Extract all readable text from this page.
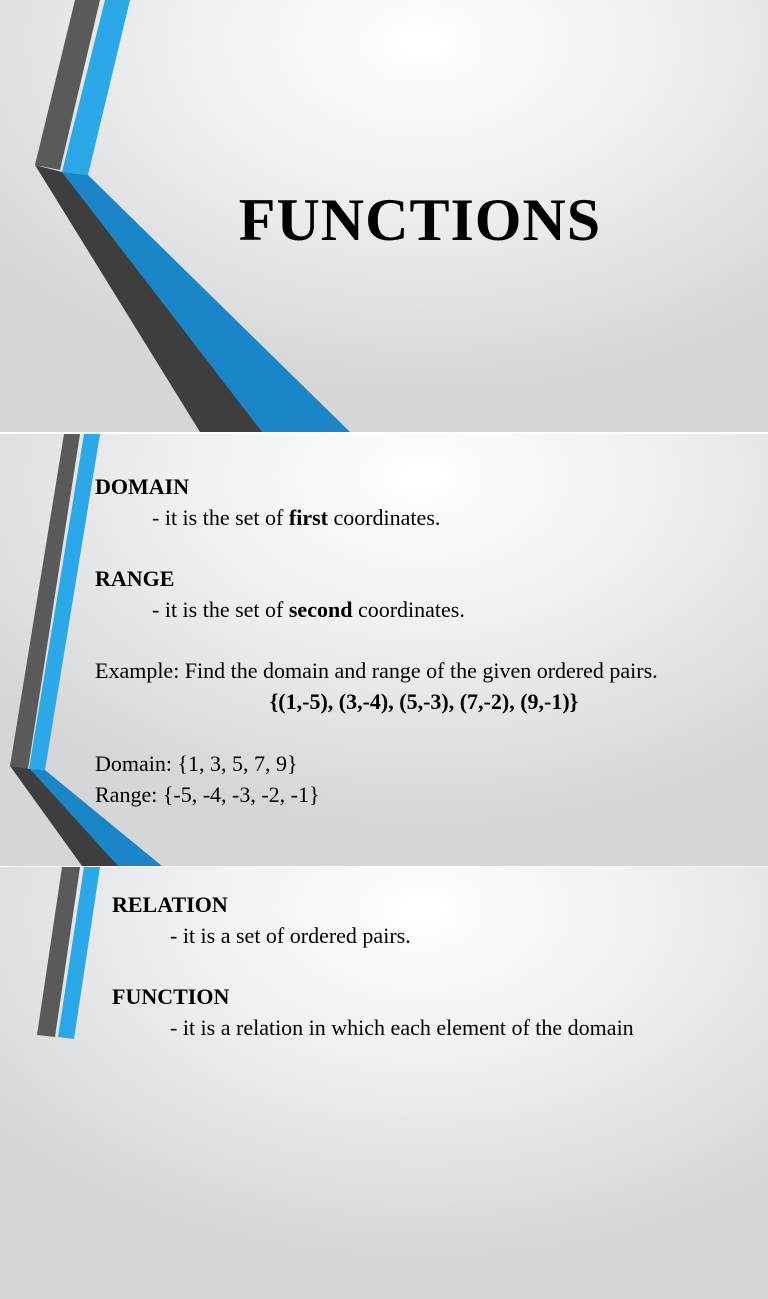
FUNCTIONS
DOMAIN
- it is the set of first coordinates.
RANGE
- it is the set of second coordinates.
Example: Find the domain and range of the given ordered pairs.
{(1,-5), (3,-4), (5,-3), (7,-2), (9,-1)}
Domain: {1, 3, 5, 7, 9}
Range: {-5, -4, -3, -2, -1}
RELATION
- it is a set of ordered pairs.
FUNCTION
- it is a relation in which each element of the domain
